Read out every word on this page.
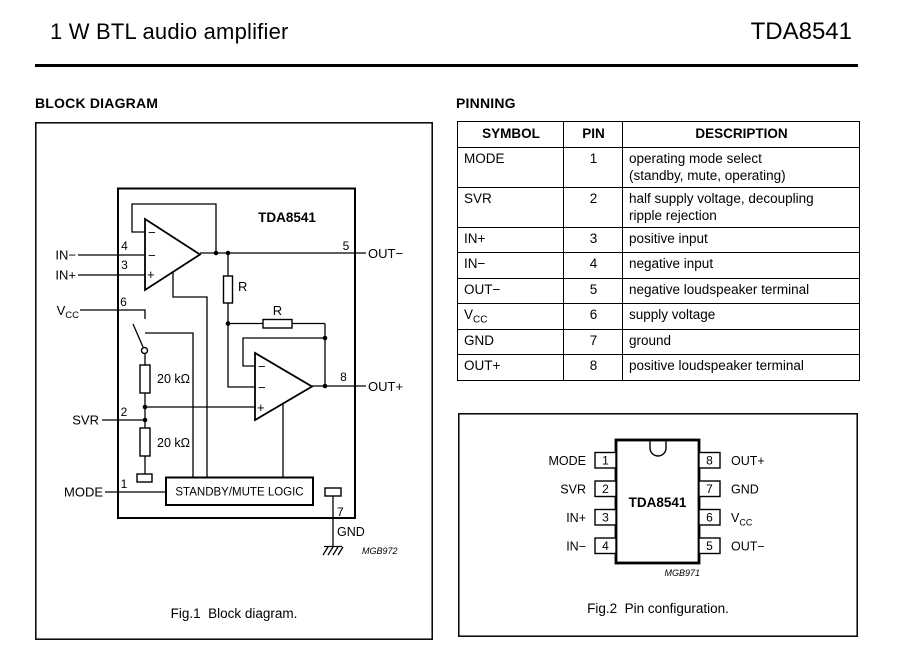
1 W BTL audio amplifier	TDA8541
BLOCK DIAGRAM	PINNING
TDA8541
−
−
+
R
R
−
−
+
20 kΩ
20 kΩ
STANDBY/MUTE LOGIC
4
3
6
2
1
5
8
7
IN−
IN+
$V_{CC}$
SVR
MODE
OUT−
OUT+
GND
MGB972
Fig.1  Block diagram.
SYMBOL	PIN	DESCRIPTION
MODE	1	operating mode select
(standby, mute, operating)

SVR	2	half supply voltage, decoupling
ripple rejection

IN+	3	positive input

IN−	4	negative input

OUT−	5	negative loudspeaker terminal

$V_{CC}$	6	supply voltage

GND	7	ground

OUT+	8	positive loudspeaker terminal
TDA8541
1
2
3
4
8
7
6
5
MODE
SVR
IN+
IN−
OUT+
GND
$V_{CC}$
OUT−
MGB971
Fig.2  Pin configuration.
